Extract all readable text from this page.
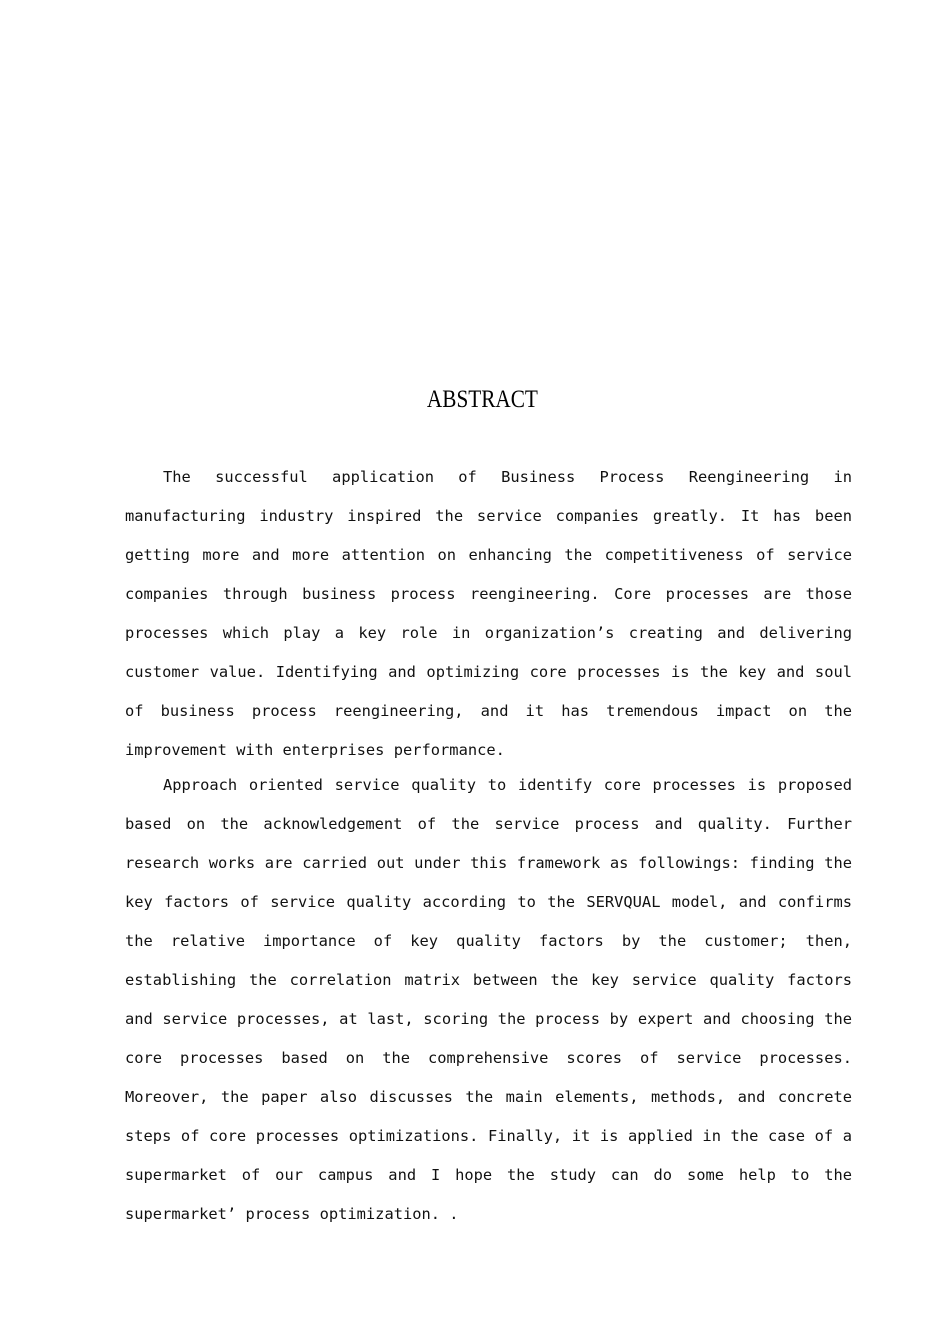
ABSTRACT

The successful application of Business Process Reengineering in manufacturing industry inspired the service companies greatly. It has been getting more and more attention on enhancing the competitiveness of service companies through business process reengineering. Core processes are those processes which play a key role in organization’s creating and delivering customer value. Identifying and optimizing core processes is the key and soul of business process reengineering, and it has tremendous impact on the improvement with enterprises performance.

Approach oriented service quality to identify core processes is proposed based on the acknowledgement of the service process and quality. Further research works are carried out under this framework as followings: finding the key factors of service quality according to the SERVQUAL model, and confirms the relative importance of key quality factors by the customer; then, establishing the correlation matrix between the key service quality factors and service processes, at last, scoring the process by expert and choosing the core processes based on the comprehensive scores of service processes. Moreover, the paper also discusses the main elements, methods, and concrete steps of core processes optimizations. Finally, it is applied in the case of a supermarket of our campus and I hope the study can do some help to the supermarket’ process optimization. .
